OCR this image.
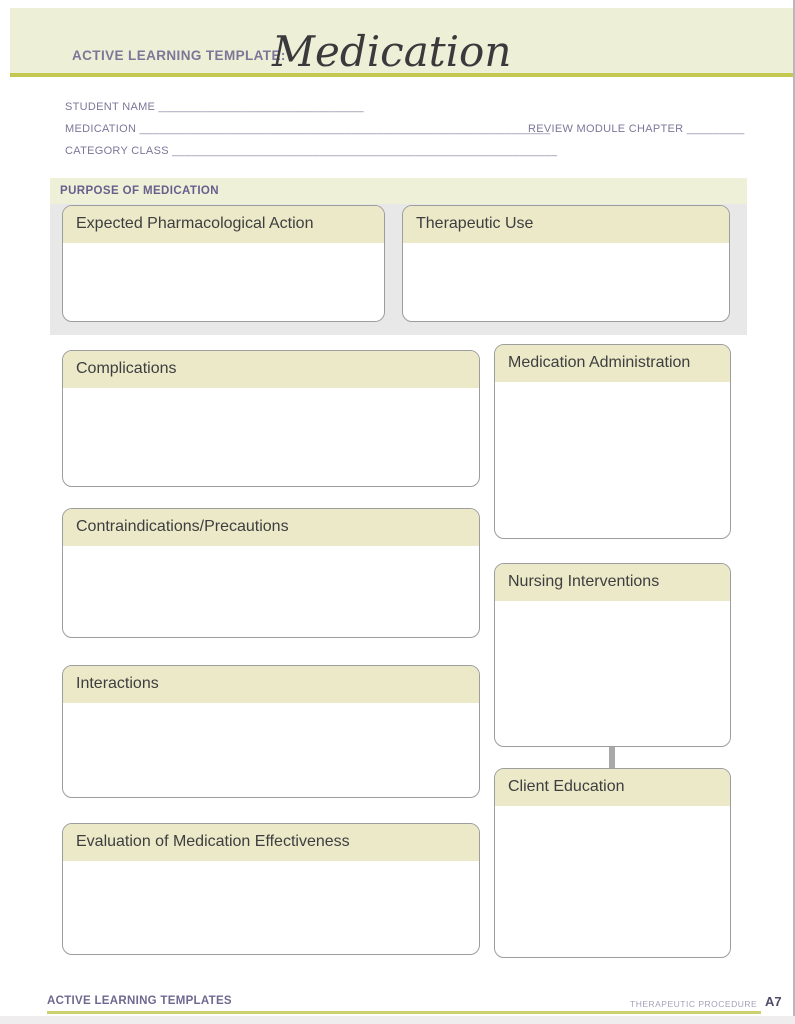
ACTIVE LEARNING TEMPLATE:
Medication
STUDENT NAME ________________________________
MEDICATION ________________________________________________________________
REVIEW MODULE CHAPTER _________
CATEGORY CLASS ____________________________________________________________
PURPOSE OF MEDICATION
Expected Pharmacological Action	Therapeutic Use
Complications
Contraindications/Precautions
Interactions
Evaluation of Medication Effectiveness
Medication Administration
Nursing Interventions
Client Education
ACTIVE LEARNING TEMPLATES	THERAPEUTIC PROCEDURE A7
